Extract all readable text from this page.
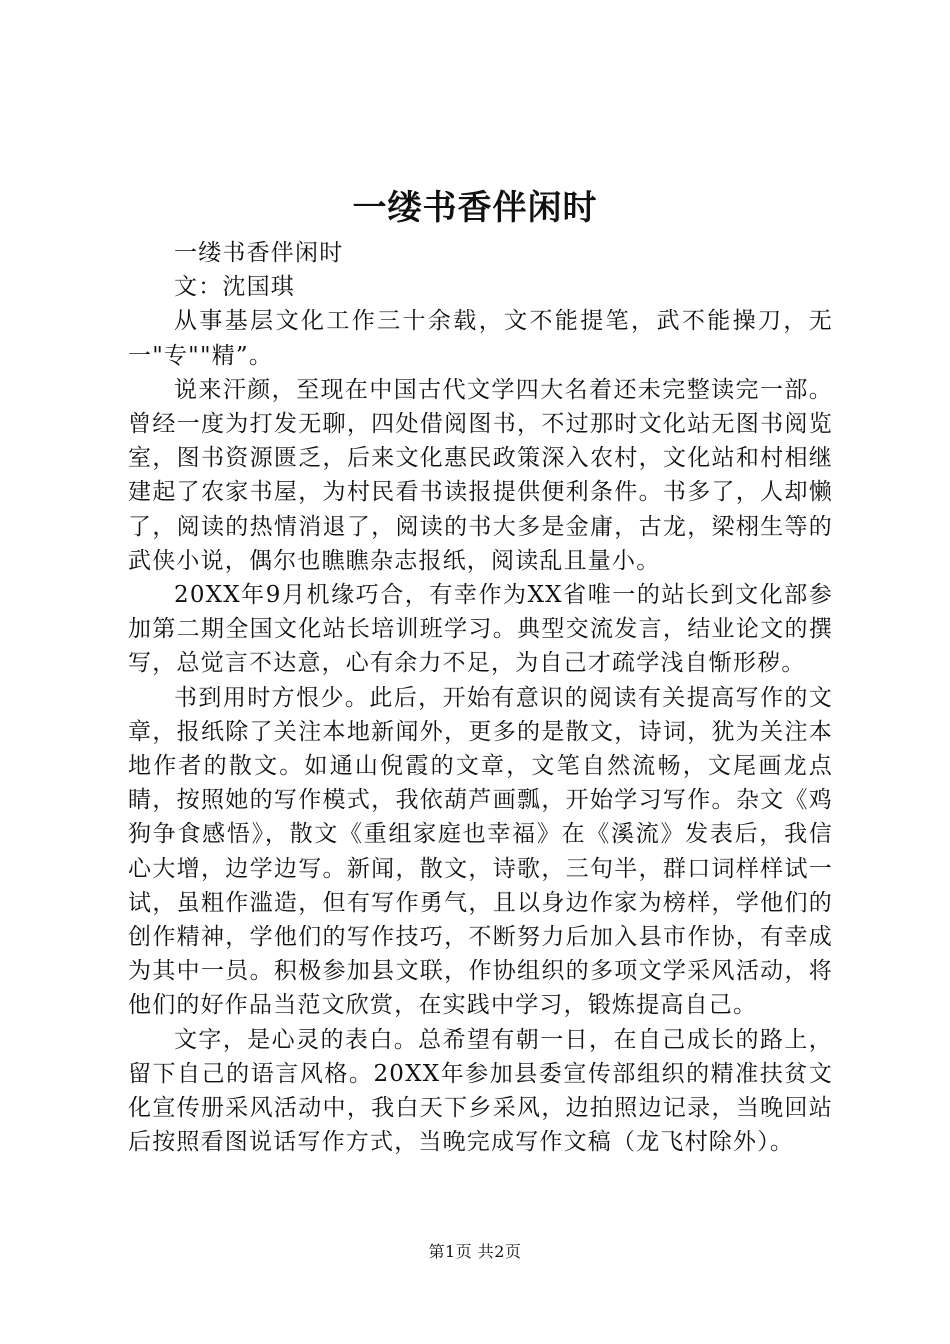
一缕书香伴闲时

一缕书香伴闲时

文：沈国琪

从事基层文化工作三十余载，文不能提笔，武不能操刀，无一"专""精”。

说来汗颜，至现在中国古代文学四大名着还未完整读完一部。曾经一度为打发无聊，四处借阅图书，不过那时文化站无图书阅览室，图书资源匮乏，后来文化惠民政策深入农村，文化站和村相继建起了农家书屋，为村民看书读报提供便利条件。书多了，人却懒了，阅读的热情消退了，阅读的书大多是金庸，古龙，梁栩生等的武侠小说，偶尔也瞧瞧杂志报纸，阅读乱且量小。

20XX年9月机缘巧合，有幸作为XX省唯一的站长到文化部参加第二期全国文化站长培训班学习。典型交流发言，结业论文的撰写，总觉言不达意，心有余力不足，为自己才疏学浅自惭形秽。

书到用时方恨少。此后，开始有意识的阅读有关提高写作的文章，报纸除了关注本地新闻外，更多的是散文，诗词，犹为关注本地作者的散文。如通山倪霞的文章，文笔自然流畅，文尾画龙点睛，按照她的写作模式，我依葫芦画瓢，开始学习写作。杂文《鸡狗争食感悟》，散文《重组家庭也幸福》在《溪流》发表后，我信心大增，边学边写。新闻，散文，诗歌，三句半，群口词样样试一试，虽粗作滥造，但有写作勇气，且以身边作家为榜样，学他们的创作精神，学他们的写作技巧，不断努力后加入县市作协，有幸成为其中一员。积极参加县文联，作协组织的多项文学采风活动，将他们的好作品当范文欣赏，在实践中学习，锻炼提高自己。

文字，是心灵的表白。总希望有朝一日，在自己成长的路上，留下自己的语言风格。20XX年参加县委宣传部组织的精准扶贫文化宣传册采风活动中，我白天下乡采风，边拍照边记录，当晚回站后按照看图说话写作方式，当晚完成写作文稿（龙飞村除外）。

第1页 共2页
